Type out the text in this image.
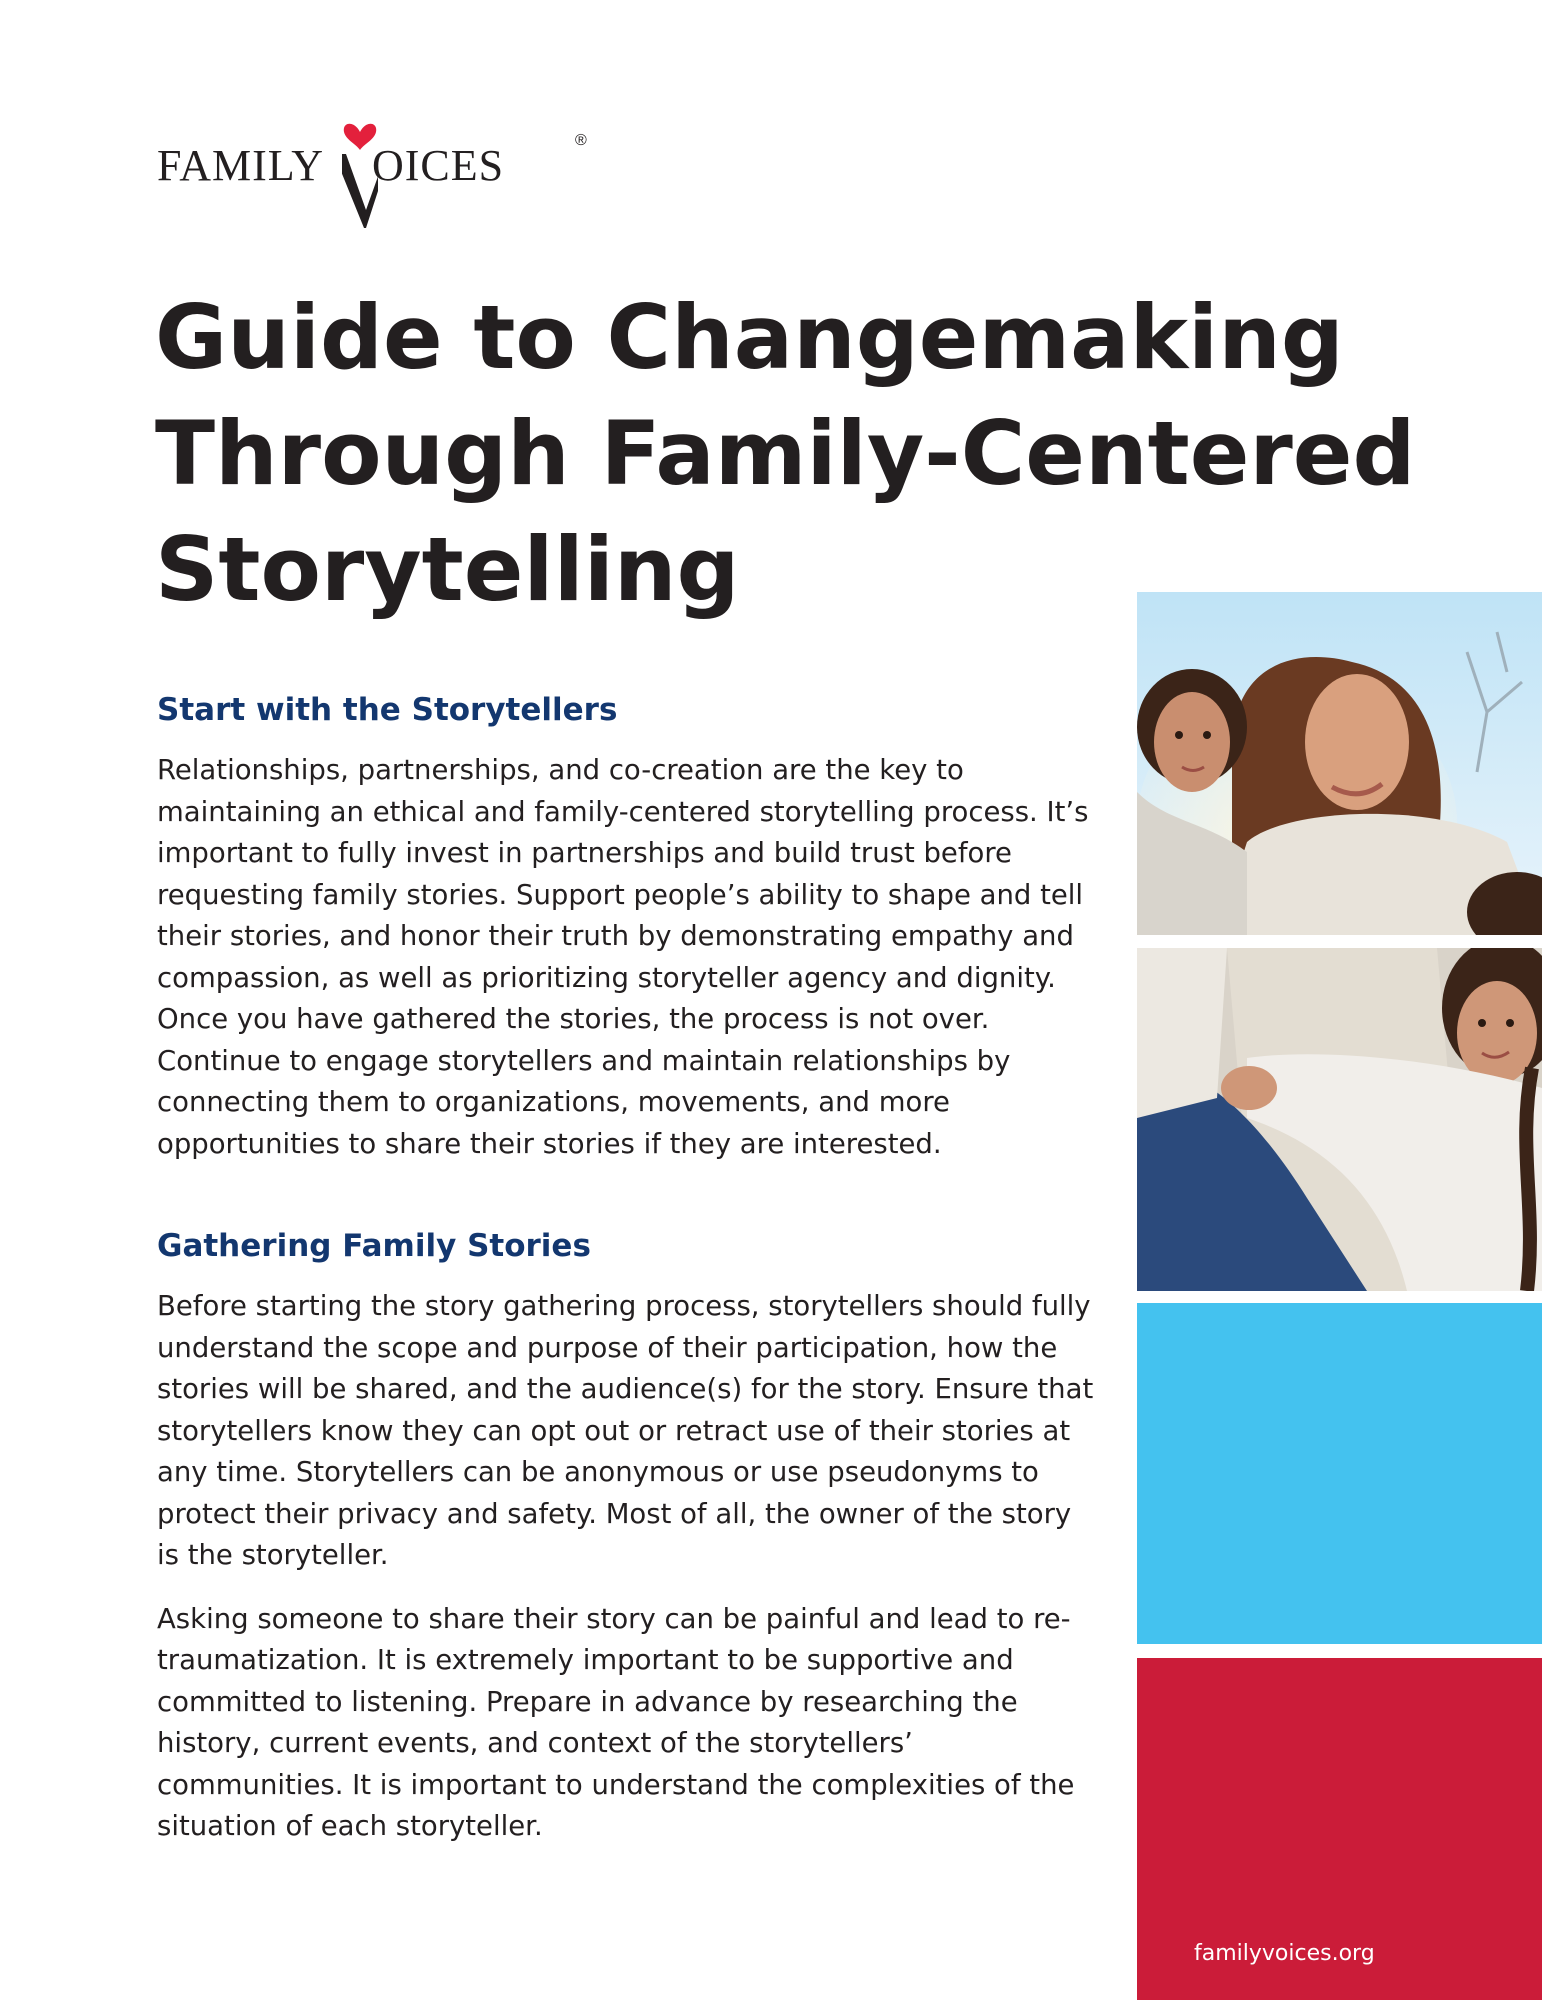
FAMILY OICES
®
Guide to Changemaking
Through Family-Centered
Storytelling
Start with the Storytellers

Relationships, partnerships, and co-creation are the key to maintaining an ethical and family-centered storytelling process. It’s important to fully invest in partnerships and build trust before requesting family stories. Support people’s ability to shape and tell their stories, and honor their truth by demonstrating empathy and compassion, as well as prioritizing storyteller agency and dignity. Once you have gathered the stories, the process is not over. Continue to engage storytellers and maintain relationships by connecting them to organizations, movements, and more opportunities to share their stories if they are interested.

Gathering Family Stories

Before starting the story gathering process, storytellers should fully understand the scope and purpose of their participation, how the stories will be shared, and the audience(s) for the story. Ensure that storytellers know they can opt out or retract use of their stories at any time. Storytellers can be anonymous or use pseudonyms to protect their privacy and safety. Most of all, the owner of the story is the storyteller.

Asking someone to share their story can be painful and lead to re-traumatization. It is extremely important to be supportive and committed to listening. Prepare in advance by researching the history, current events, and context of the storytellers’ communities. It is important to understand the complexities of the situation of each storyteller.

familyvoices.org
